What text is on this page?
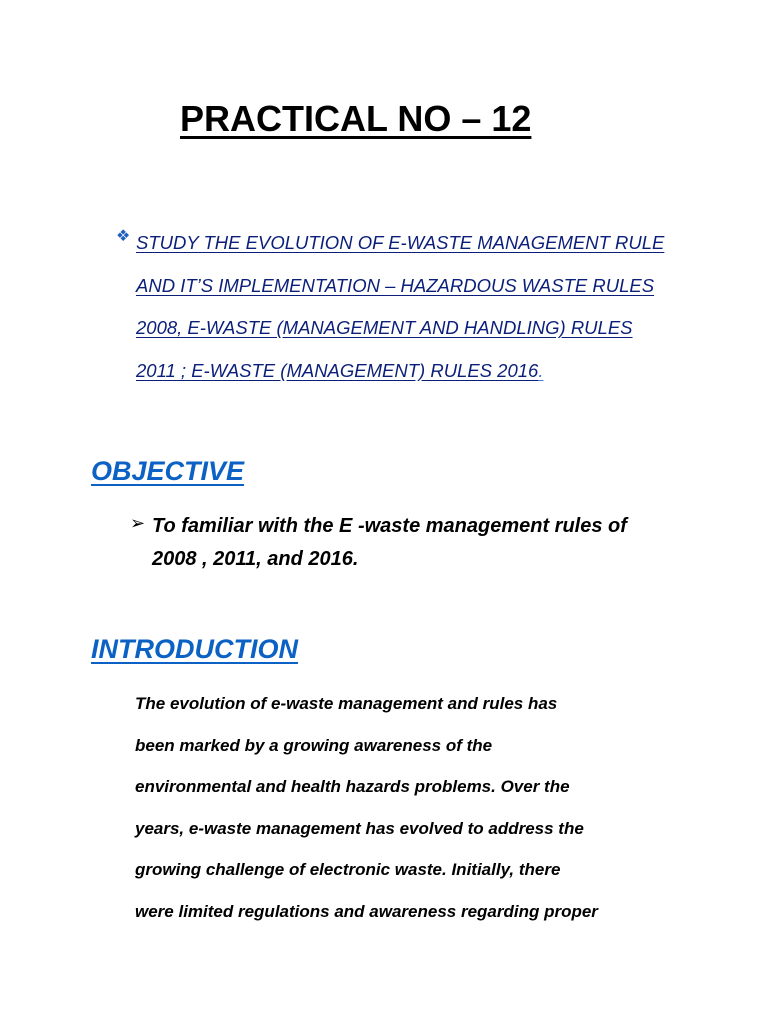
PRACTICAL NO – 12
❖ STUDY THE EVOLUTION OF E-WASTE MANAGEMENT RULE
AND IT’S IMPLEMENTATION – HAZARDOUS WASTE RULES
2008, E-WASTE (MANAGEMENT AND HANDLING) RULES
2011 ; E-WASTE (MANAGEMENT) RULES 2016.
OBJECTIVE
➢ To familiar with the E -waste management rules of
2008 , 2011, and 2016.
INTRODUCTION
The evolution of e-waste management and rules has
been marked by a growing awareness of the
environmental and health hazards problems. Over the
years, e-waste management has evolved to address the
growing challenge of electronic waste. Initially, there
were limited regulations and awareness regarding proper
